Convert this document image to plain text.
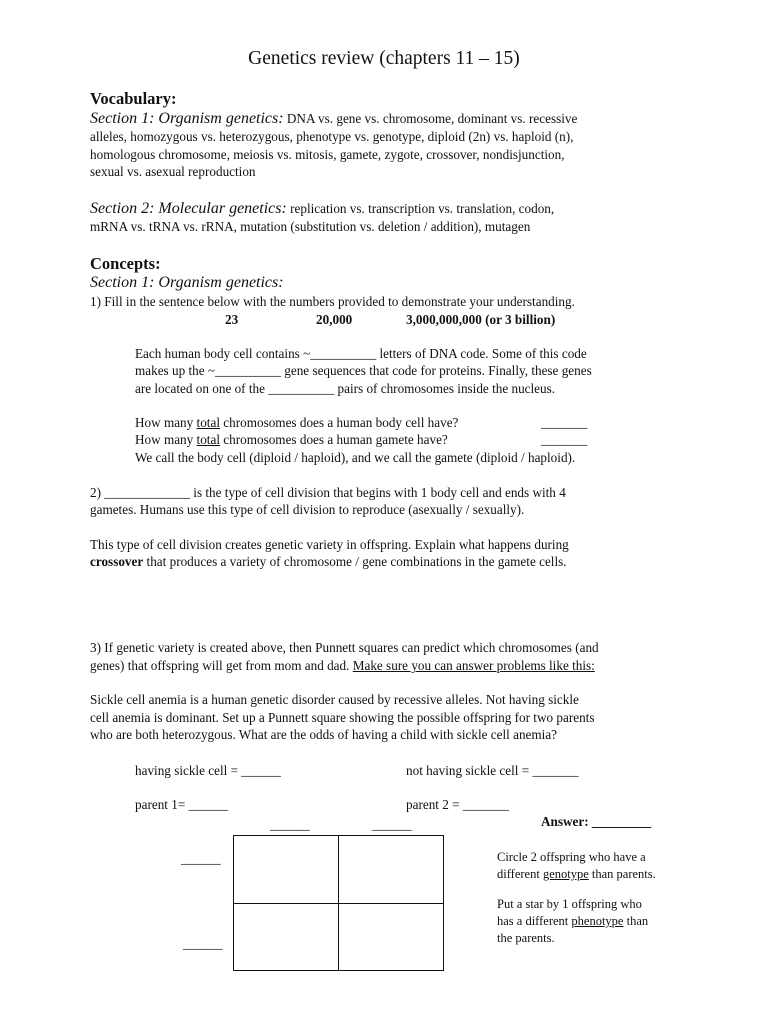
Genetics review (chapters 11 – 15)
Vocabulary:
Section 1: Organism genetics: DNA vs. gene vs. chromosome, dominant vs. recessive
alleles, homozygous vs. heterozygous, phenotype vs. genotype, diploid (2n) vs. haploid (n),
homologous chromosome, meiosis vs. mitosis, gamete, zygote, crossover, nondisjunction,
sexual vs. asexual reproduction
Section 2: Molecular genetics: replication vs. transcription vs. translation, codon,
mRNA vs. tRNA vs. rRNA, mutation (substitution vs. deletion / addition), mutagen
Concepts:
Section 1: Organism genetics:
1) Fill in the sentence below with the numbers provided to demonstrate your understanding.
23	20,000	3,000,000,000 (or 3 billion)
Each human body cell contains ~__________ letters of DNA code. Some of this code
makes up the ~__________ gene sequences that code for proteins. Finally, these genes
are located on one of the __________ pairs of chromosomes inside the nucleus.
How many total chromosomes does a human body cell have?	_______
How many total chromosomes does a human gamete have?	_______
We call the body cell (diploid / haploid), and we call the gamete (diploid / haploid).
2) _____________ is the type of cell division that begins with 1 body cell and ends with 4
gametes. Humans use this type of cell division to reproduce (asexually / sexually).
This type of cell division creates genetic variety in offspring. Explain what happens during
crossover that produces a variety of chromosome / gene combinations in the gamete cells.
3) If genetic variety is created above, then Punnett squares can predict which chromosomes (and
genes) that offspring will get from mom and dad. Make sure you can answer problems like this:
Sickle cell anemia is a human genetic disorder caused by recessive alleles. Not having sickle
cell anemia is dominant. Set up a Punnett square showing the possible offspring for two parents
who are both heterozygous. What are the odds of having a child with sickle cell anemia?
having sickle cell = ______	not having sickle cell = _______
parent 1= ______	parent 2 = _______
Answer: _________
______	______
______
______
Circle 2 offspring who have a
different genotype than parents.
Put a star by 1 offspring who
has a different phenotype than
the parents.
